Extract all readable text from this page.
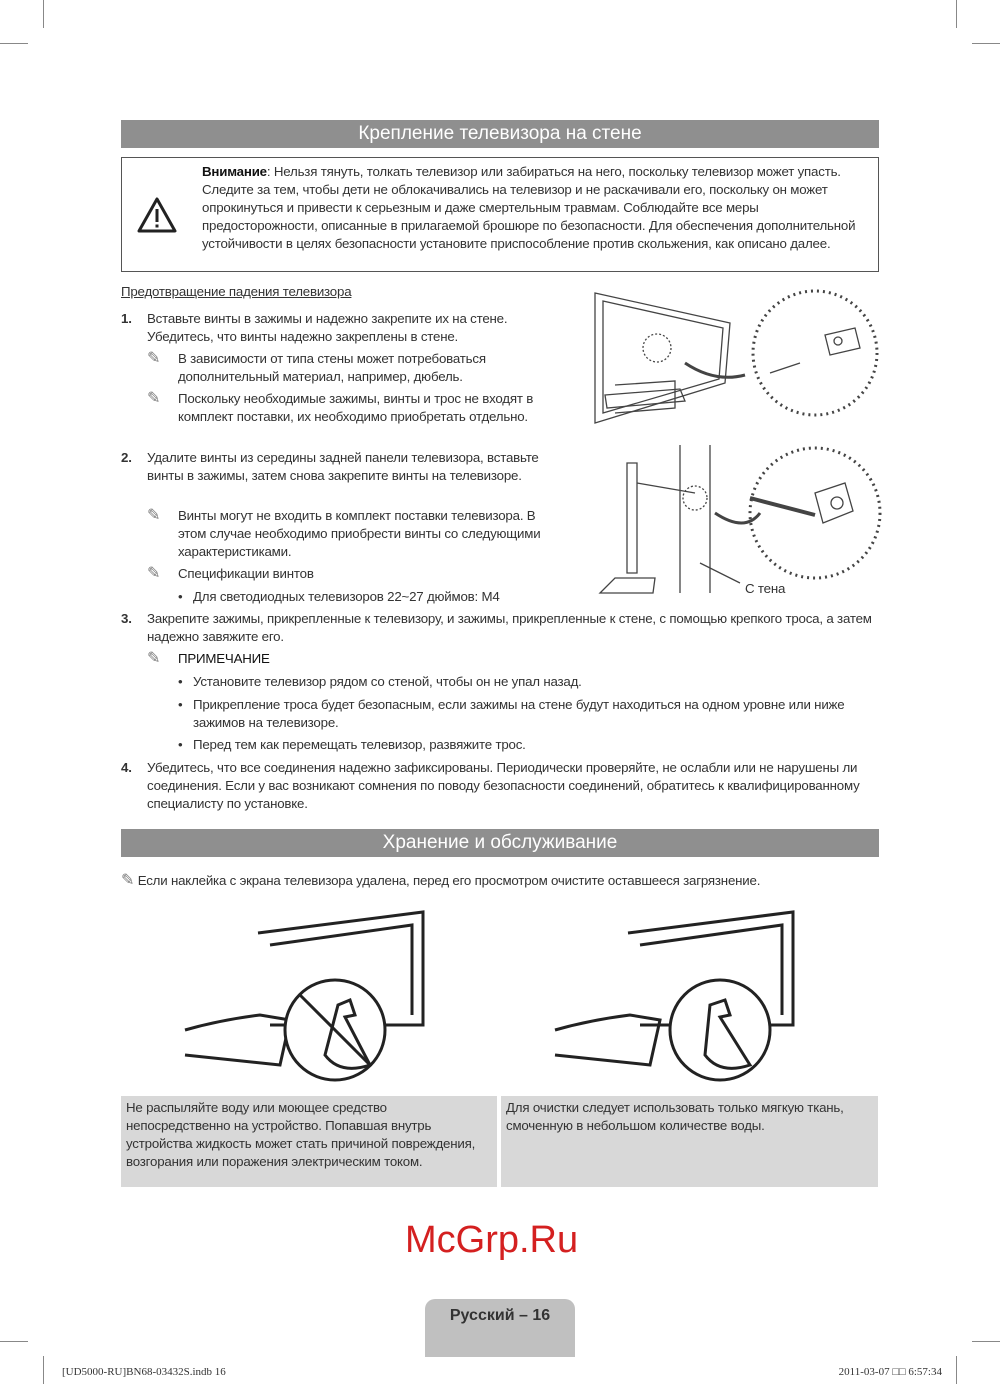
Крепление телевизора на стене
Внимание: Нельзя тянуть, толкать телевизор или забираться на него, поскольку телевизор может упасть. Следите за тем, чтобы дети не облокачивались на телевизор и не раскачивали его, поскольку он может опрокинуться и привести к серьезным и даже смертельным травмам. Соблюдайте все меры предосторожности, описанные в прилагаемой брошюре по безопасности. Для обеспечения дополнительной устойчивости в целях безопасности установите приспособление против скольжения, как описано далее.
Предотвращение падения телевизора
1. Вставьте винты в зажимы и надежно закрепите их на стене. Убедитесь, что винты надежно закреплены в стене.
✎ В зависимости от типа стены может потребоваться дополнительный материал, например, дюбель.
✎ Поскольку необходимые зажимы, винты и трос не входят в комплект поставки, их необходимо приобретать отдельно.
2. Удалите винты из середины задней панели телевизора, вставьте винты в зажимы, затем снова закрепите винты на телевизоре.
✎ Винты могут не входить в комплект поставки телевизора. В этом случае необходимо приобрести винты со следующими характеристиками.
✎ Спецификации винтов
• Для светодиодных телевизоров 22~27 дюймов: M4
С тена
3. Закрепите зажимы, прикрепленные к телевизору, и зажимы, прикрепленные к стене, с помощью крепкого троса, а затем надежно завяжите его.
✎ ПРИМЕЧАНИЕ
• Установите телевизор рядом со стеной, чтобы он не упал назад.
• Прикрепление троса будет безопасным, если зажимы на стене будут находиться на одном уровне или ниже зажимов на телевизоре.
• Перед тем как перемещать телевизор, развяжите трос.
4. Убедитесь, что все соединения надежно зафиксированы. Периодически проверяйте, не ослабли или не нарушены ли соединения. Если у вас возникают сомнения по поводу безопасности соединений, обратитесь к квалифицированному специалисту по установке.
Хранение и обслуживание
✎ Если наклейка с экрана телевизора удалена, перед его просмотром очистите оставшееся загрязнение.
Не распыляйте воду или моющее средство непосредственно на устройство. Попавшая внутрь устройства жидкость может стать причиной повреждения, возгорания или поражения электрическим током.
Для очистки следует использовать только мягкую ткань, смоченную в небольшом количестве воды.
McGrp.Ru
Русский – 16
[UD5000-RU]BN68-03432S.indb 16	2011-03-07 □□ 6:57:34
